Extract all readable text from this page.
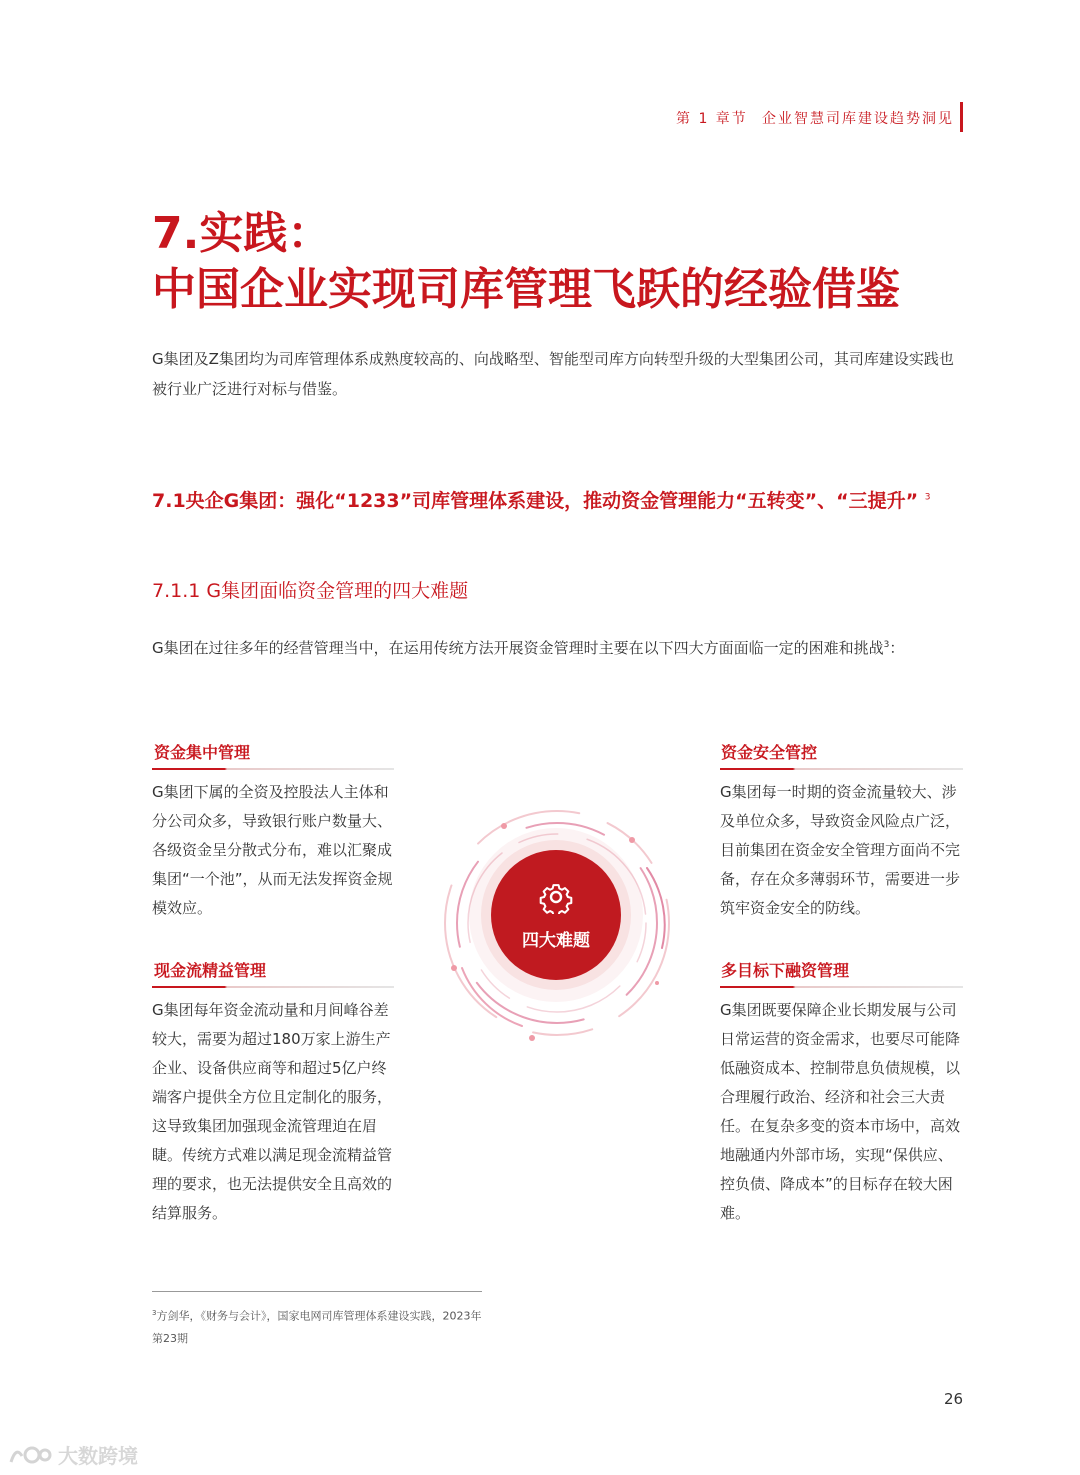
第 1 章节 企业智慧司库建设趋势洞见
7.实践：
中国企业实现司库管理飞跃的经验借鉴
G集团及Z集团均为司库管理体系成熟度较高的、向战略型、智能型司库方向转型升级的大型集团公司，其司库建设实践也被行业广泛进行对标与借鉴。
7.1央企G集团：强化“1233”司库管理体系建设，推动资金管理能力“五转变”、“三提升” $^3$
7.1.1 G集团面临资金管理的四大难题
G集团在过往多年的经营管理当中，在运用传统方法开展资金管理时主要在以下四大方面面临一定的困难和挑战$^3$：
资金集中管理
G集团下属的全资及控股法人主体和分公司众多，导致银行账户数量大、各级资金呈分散式分布，难以汇聚成集团“一个池”，从而无法发挥资金规模效应。
资金安全管控
G集团每一时期的资金流量较大、涉及单位众多，导致资金风险点广泛，目前集团在资金安全管理方面尚不完备，存在众多薄弱环节，需要进一步筑牢资金安全的防线。
现金流精益管理
G集团每年资金流动量和月间峰谷差较大，需要为超过180万家上游生产企业、设备供应商等和超过5亿户终端客户提供全方位且定制化的服务，这导致集团加强现金流管理迫在眉睫。传统方式难以满足现金流精益管理的要求，也无法提供安全且高效的结算服务。
多目标下融资管理
G集团既要保障企业长期发展与公司日常运营的资金需求，也要尽可能降低融资成本、控制带息负债规模，以合理履行政治、经济和社会三大责任。在复杂多变的资本市场中，高效地融通内外部市场，实现“保供应、控负债、降成本”的目标存在较大困难。
四大难题
$^3$方剑华，《财务与会计》，国家电网司库管理体系建设实践，2023年第23期
26
大数跨境
